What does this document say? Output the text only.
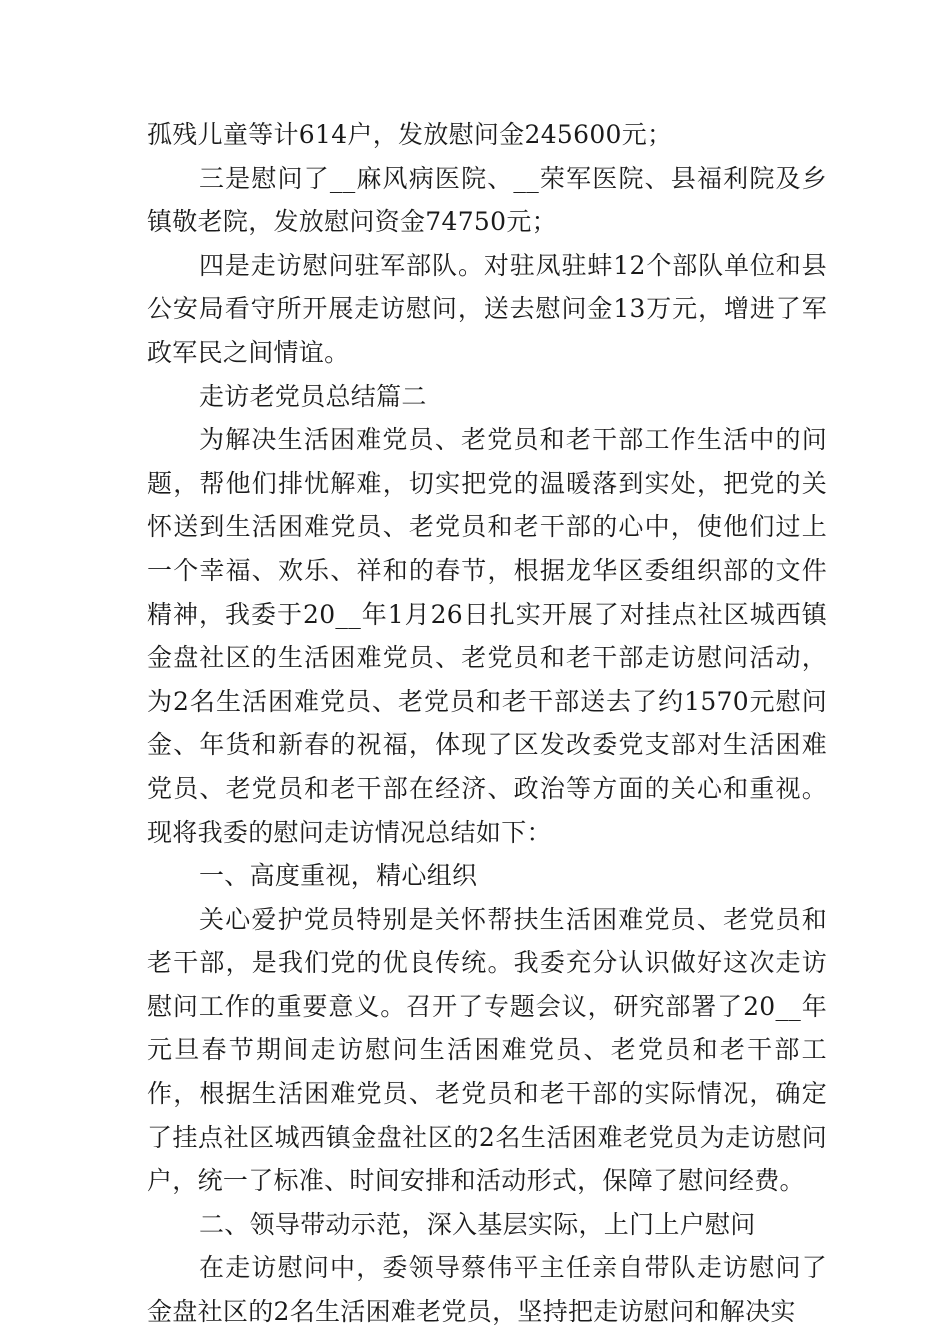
孤残儿童等计614户，发放慰问金245600元；

三是慰问了__麻风病医院、__荣军医院、县福利院及乡镇敬老院，发放慰问资金74750元；

四是走访慰问驻军部队。对驻凤驻蚌12个部队单位和县公安局看守所开展走访慰问，送去慰问金13万元，增进了军政军民之间情谊。

走访老党员总结篇二

为解决生活困难党员、老党员和老干部工作生活中的问题，帮他们排忧解难，切实把党的温暖落到实处，把党的关怀送到生活困难党员、老党员和老干部的心中，使他们过上一个幸福、欢乐、祥和的春节，根据龙华区委组织部的文件精神，我委于20__年1月26日扎实开展了对挂点社区城西镇金盘社区的生活困难党员、老党员和老干部走访慰问活动，为2名生活困难党员、老党员和老干部送去了约1570元慰问金、年货和新春的祝福，体现了区发改委党支部对生活困难党员、老党员和老干部在经济、政治等方面的关心和重视。现将我委的慰问走访情况总结如下：

一、高度重视，精心组织

关心爱护党员特别是关怀帮扶生活困难党员、老党员和老干部，是我们党的优良传统。我委充分认识做好这次走访慰问工作的重要意义。召开了专题会议，研究部署了20__年元旦春节期间走访慰问生活困难党员、老党员和老干部工作，根据生活困难党员、老党员和老干部的实际情况，确定了挂点社区城西镇金盘社区的2名生活困难老党员为走访慰问户，统一了标准、时间安排和活动形式，保障了慰问经费。

二、领导带动示范，深入基层实际，上门上户慰问

在走访慰问中，委领导蔡伟平主任亲自带队走访慰问了金盘社区的2名生活困难老党员，坚持把走访慰问和解决实
